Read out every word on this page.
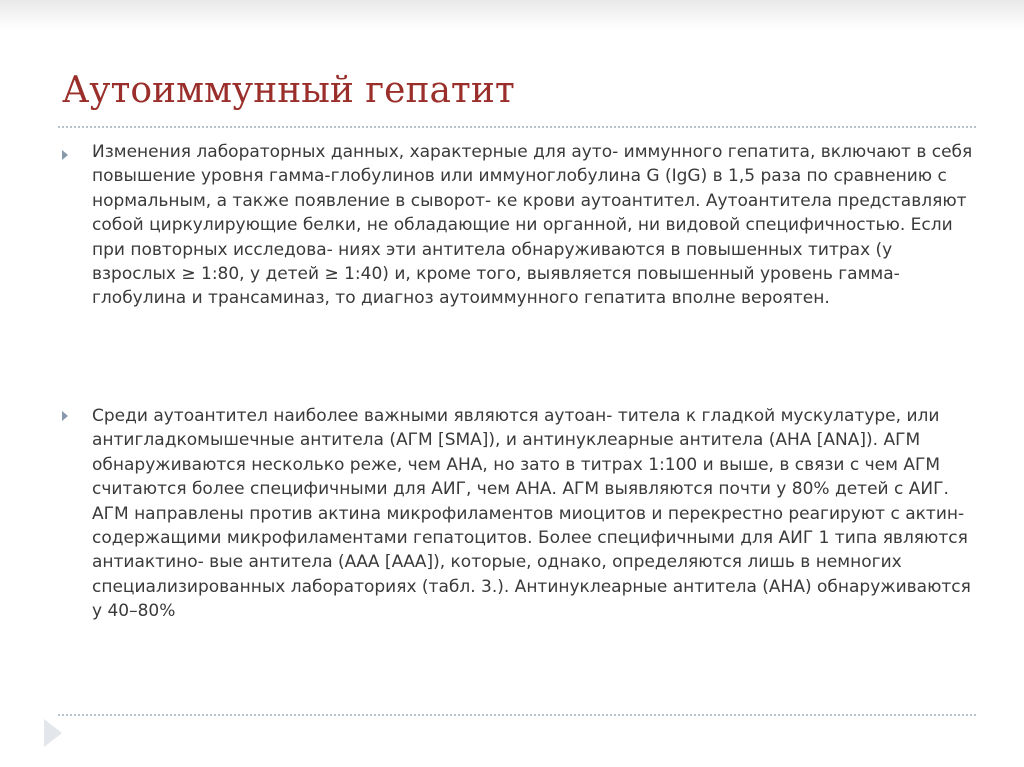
Аутоиммунный гепатит

Изменения лабораторных данных, характерные для ауто- иммунного гепатита, включают в себя повышение уровня гамма-глобулинов или иммуноглобулина G (IgG) в 1,5 раза по сравнению с нормальным, а также появление в сыворот- ке крови аутоантител. Аутоантитела представляют собой циркулирующие белки, не обладающие ни органной, ни видовой специфичностью. Если при повторных исследова- ниях эти антитела обнаруживаются в повышенных титрах (у взрослых ≥ 1:80, у детей ≥ 1:40) и, кроме того, выявляется повышенный уровень гамма-глобулина и трансаминаз, то диагноз аутоиммунного гепатита вполне вероятен.

Среди аутоантител наиболее важными являются аутоан- титела к гладкой мускулатуре, или антигладкомышечные антитела (АГМ [SMA]), и антинуклеарные антитела (АНА [ANA]). АГМ обнаруживаются несколько реже, чем АНА, но зато в титрах 1:100 и выше, в связи с чем АГМ считаются более специфичными для АИГ, чем АНА. АГМ выявляются почти у 80% детей с АИГ. АГМ направлены против актина микрофиламентов миоцитов и перекрестно реагируют с актин-содержащими микрофиламентами гепатоцитов. Более специфичными для АИГ 1 типа являются антиактино- вые антитела (ААА [ААА]), которые, однако, определяются лишь в немногих специализированных лабораториях (табл. 3.). Антинуклеарные антитела (АНА) обнаруживаются у 40–80%
